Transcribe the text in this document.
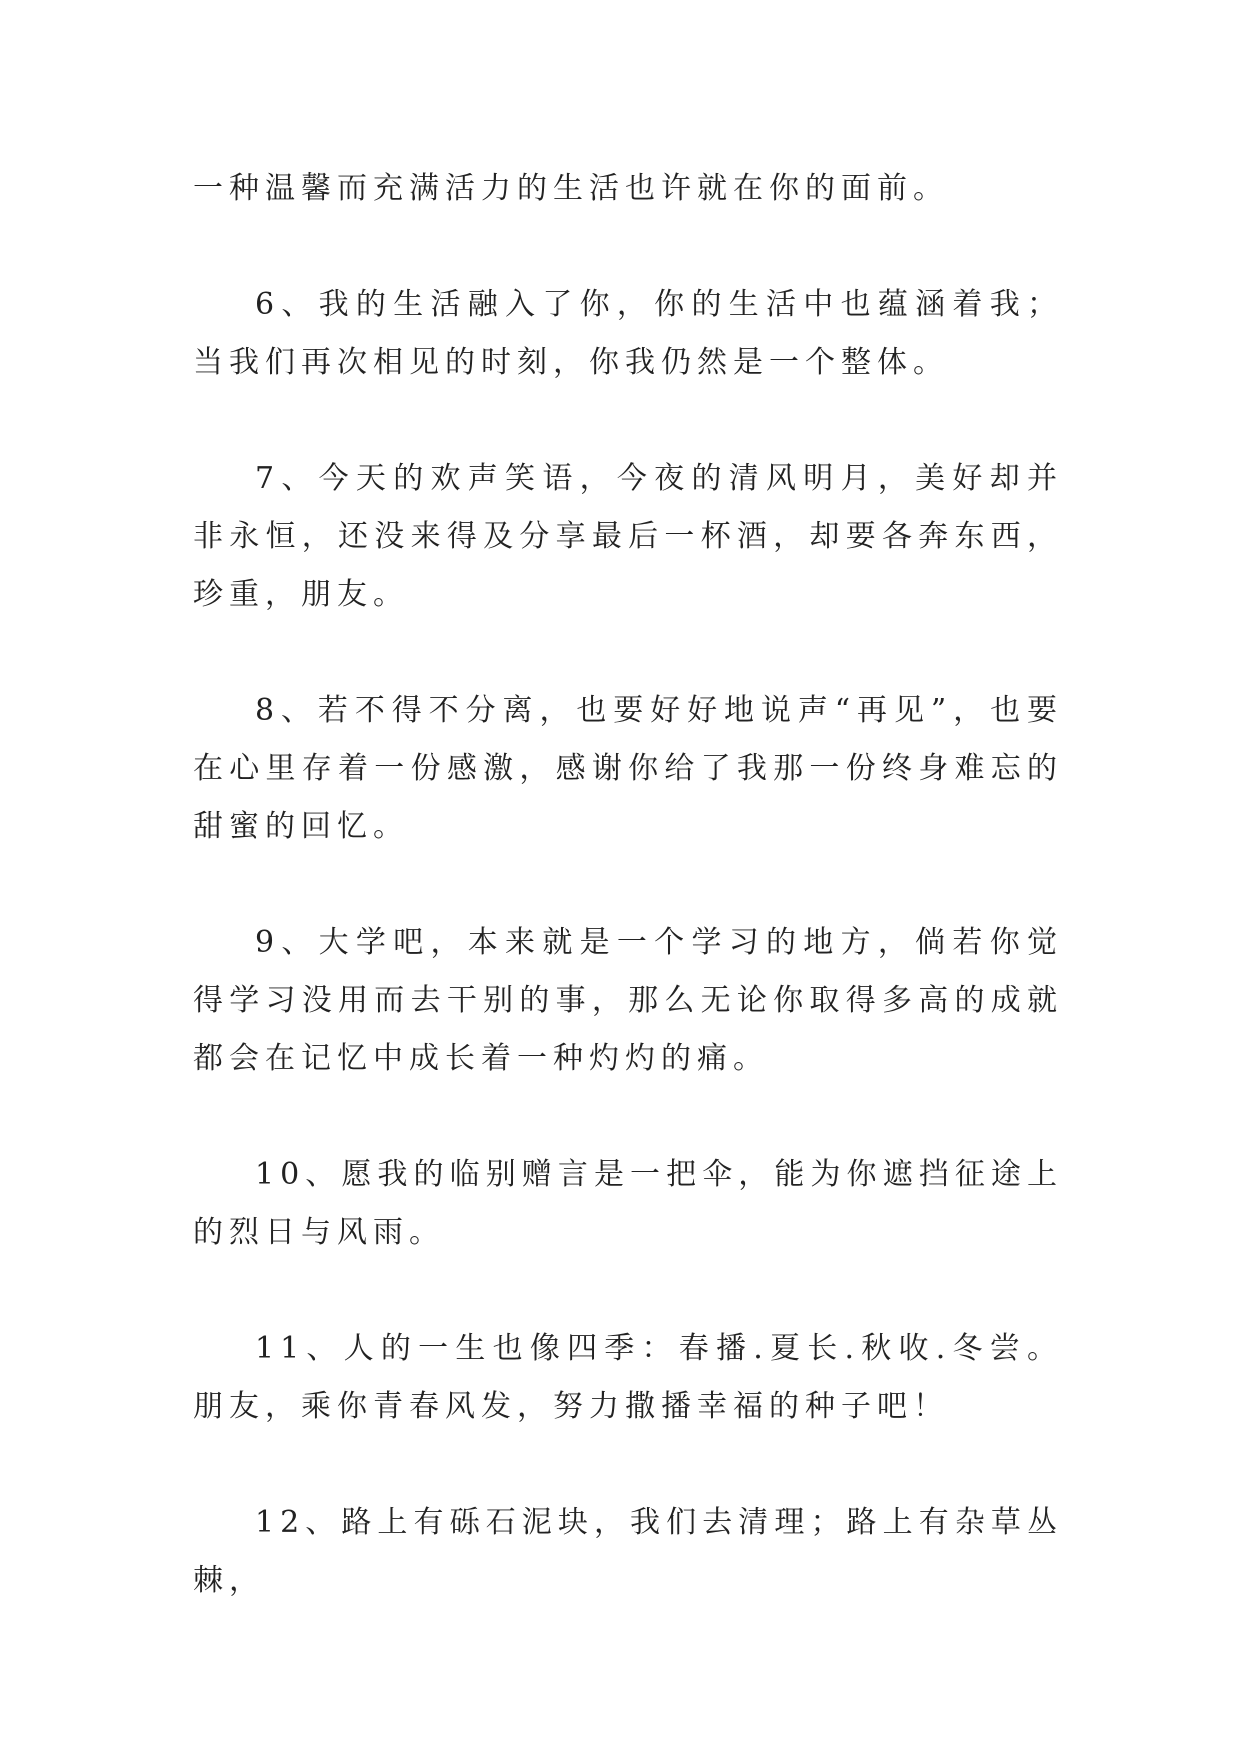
一种温馨而充满活力的生活也许就在你的面前。

6、我的生活融入了你，你的生活中也蕴涵着我；当我们再次相见的时刻，你我仍然是一个整体。

7、今天的欢声笑语，今夜的清风明月，美好却并非永恒，还没来得及分享最后一杯酒，却要各奔东西，珍重，朋友。

8、若不得不分离，也要好好地说声“再见”，也要在心里存着一份感激，感谢你给了我那一份终身难忘的甜蜜的回忆。

9、大学吧，本来就是一个学习的地方，倘若你觉得学习没用而去干别的事，那么无论你取得多高的成就都会在记忆中成长着一种灼灼的痛。

10、愿我的临别赠言是一把伞，能为你遮挡征途上的烈日与风雨。

11、人的一生也像四季：春播.夏长.秋收.冬尝。朋友，乘你青春风发，努力撒播幸福的种子吧！

12、路上有砾石泥块，我们去清理；路上有杂草丛棘，
